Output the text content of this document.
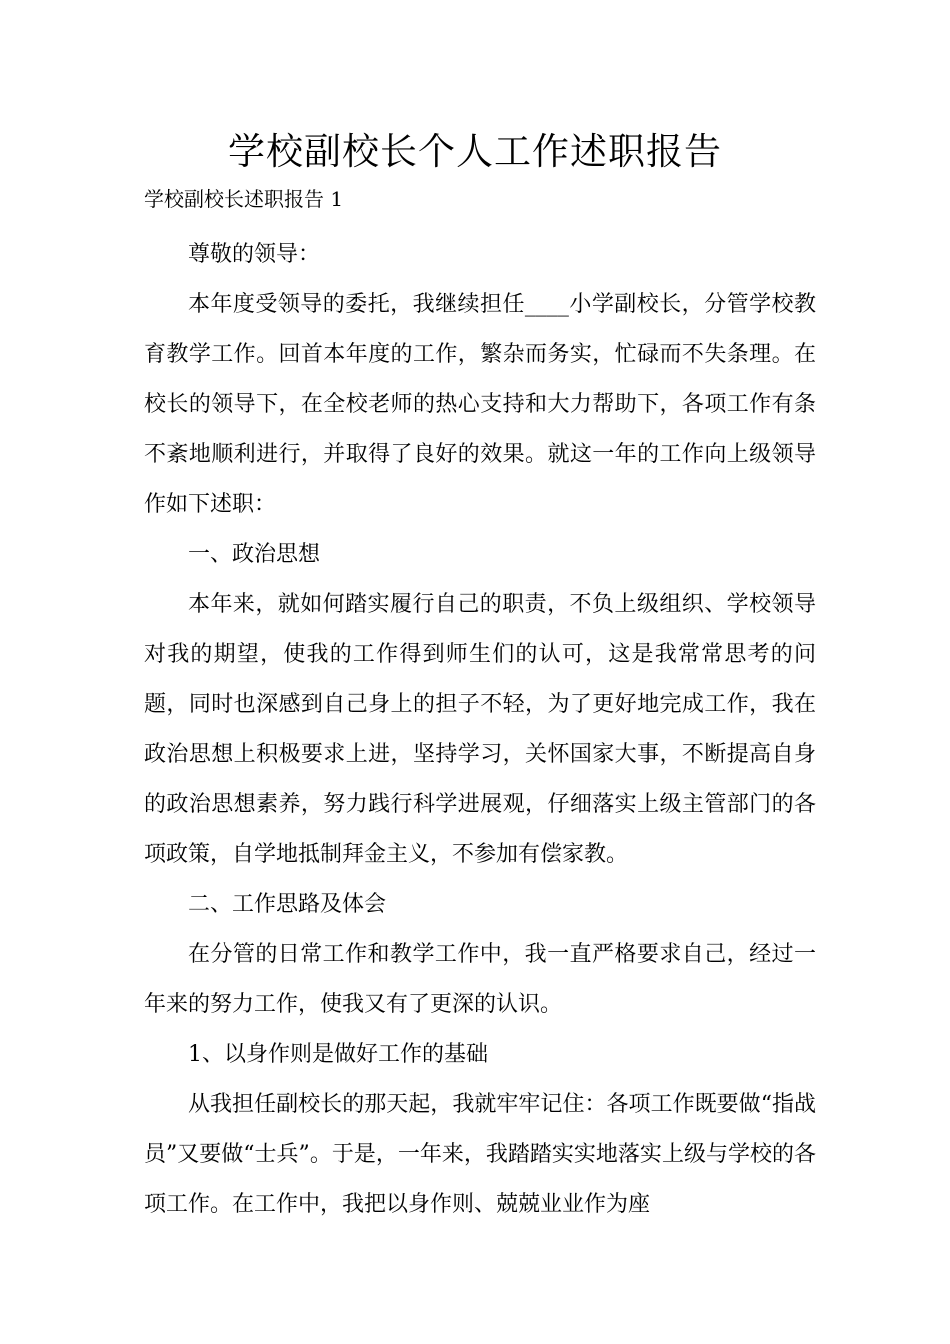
学校副校长个人工作述职报告
学校副校长述职报告 1

尊敬的领导：

本年度受领导的委托，我继续担任____小学副校长，分管学校教育教学工作。回首本年度的工作，繁杂而务实，忙碌而不失条理。在校长的领导下，在全校老师的热心支持和大力帮助下，各项工作有条不紊地顺利进行，并取得了良好的效果。就这一年的工作向上级领导作如下述职：

一、政治思想

本年来，就如何踏实履行自己的职责，不负上级组织、学校领导对我的期望，使我的工作得到师生们的认可，这是我常常思考的问题，同时也深感到自己身上的担子不轻，为了更好地完成工作，我在政治思想上积极要求上进，坚持学习，关怀国家大事，不断提高自身的政治思想素养，努力践行科学进展观，仔细落实上级主管部门的各项政策，自学地抵制拜金主义，不参加有偿家教。

二、工作思路及体会

在分管的日常工作和教学工作中，我一直严格要求自己，经过一年来的努力工作，使我又有了更深的认识。

1、以身作则是做好工作的基础

从我担任副校长的那天起，我就牢牢记住：各项工作既要做“指战员”又要做“士兵”。于是，一年来，我踏踏实实地落实上级与学校的各项工作。在工作中，我把以身作则、兢兢业业作为座
